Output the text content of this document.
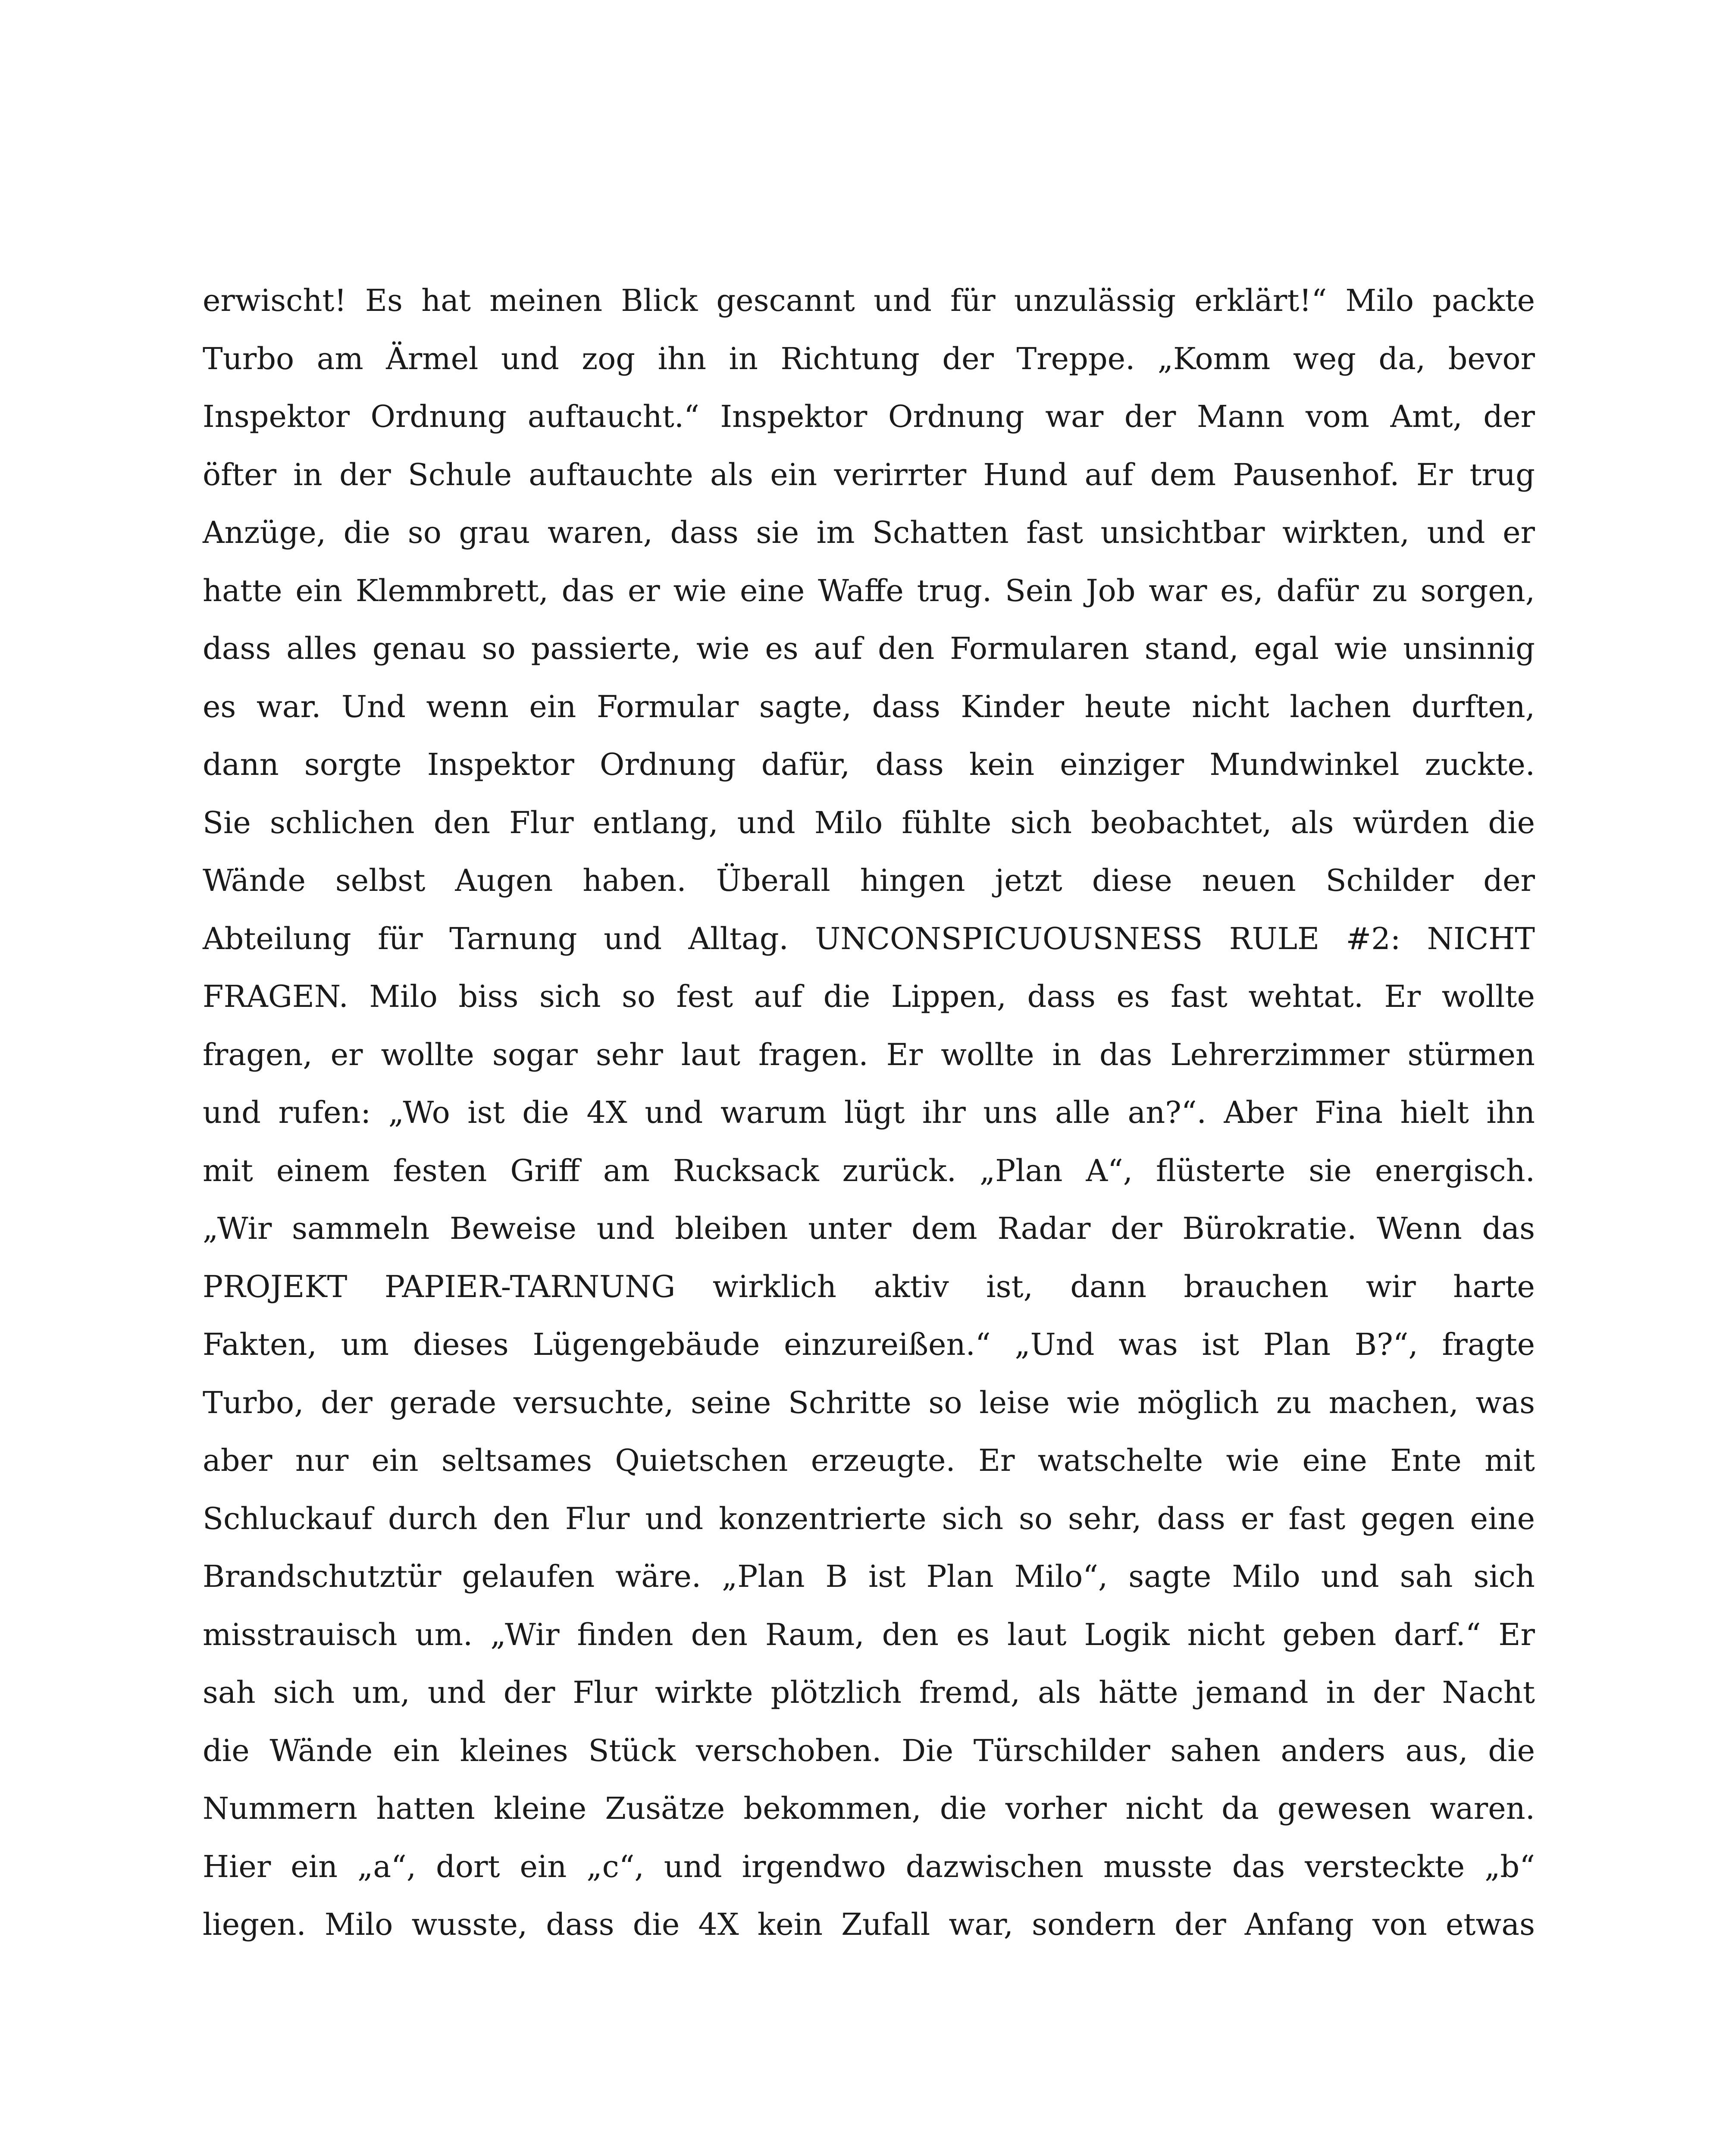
erwischt! Es hat meinen Blick gescannt und für unzulässig erklärt!“ Milo packte
Turbo am Ärmel und zog ihn in Richtung der Treppe. „Komm weg da, bevor
Inspektor Ordnung auftaucht.“ Inspektor Ordnung war der Mann vom Amt, der
öfter in der Schule auftauchte als ein verirrter Hund auf dem Pausenhof. Er trug
Anzüge, die so grau waren, dass sie im Schatten fast unsichtbar wirkten, und er
hatte ein Klemmbrett, das er wie eine Waffe trug. Sein Job war es, dafür zu sorgen,
dass alles genau so passierte, wie es auf den Formularen stand, egal wie unsinnig
es war. Und wenn ein Formular sagte, dass Kinder heute nicht lachen durften,
dann sorgte Inspektor Ordnung dafür, dass kein einziger Mundwinkel zuckte.
Sie schlichen den Flur entlang, und Milo fühlte sich beobachtet, als würden die
Wände selbst Augen haben. Überall hingen jetzt diese neuen Schilder der
Abteilung für Tarnung und Alltag. UNCONSPICUOUSNESS RULE #2: NICHT
FRAGEN. Milo biss sich so fest auf die Lippen, dass es fast wehtat. Er wollte
fragen, er wollte sogar sehr laut fragen. Er wollte in das Lehrerzimmer stürmen
und rufen: „Wo ist die 4X und warum lügt ihr uns alle an?“. Aber Fina hielt ihn
mit einem festen Griff am Rucksack zurück. „Plan A“, flüsterte sie energisch.
„Wir sammeln Beweise und bleiben unter dem Radar der Bürokratie. Wenn das
PROJEKT PAPIER-TARNUNG wirklich aktiv ist, dann brauchen wir harte
Fakten, um dieses Lügengebäude einzureißen.“ „Und was ist Plan B?“, fragte
Turbo, der gerade versuchte, seine Schritte so leise wie möglich zu machen, was
aber nur ein seltsames Quietschen erzeugte. Er watschelte wie eine Ente mit
Schluckauf durch den Flur und konzentrierte sich so sehr, dass er fast gegen eine
Brandschutztür gelaufen wäre. „Plan B ist Plan Milo“, sagte Milo und sah sich
misstrauisch um. „Wir finden den Raum, den es laut Logik nicht geben darf.“ Er
sah sich um, und der Flur wirkte plötzlich fremd, als hätte jemand in der Nacht
die Wände ein kleines Stück verschoben. Die Türschilder sahen anders aus, die
Nummern hatten kleine Zusätze bekommen, die vorher nicht da gewesen waren.
Hier ein „a“, dort ein „c“, und irgendwo dazwischen musste das versteckte „b“
liegen. Milo wusste, dass die 4X kein Zufall war, sondern der Anfang von etwas
